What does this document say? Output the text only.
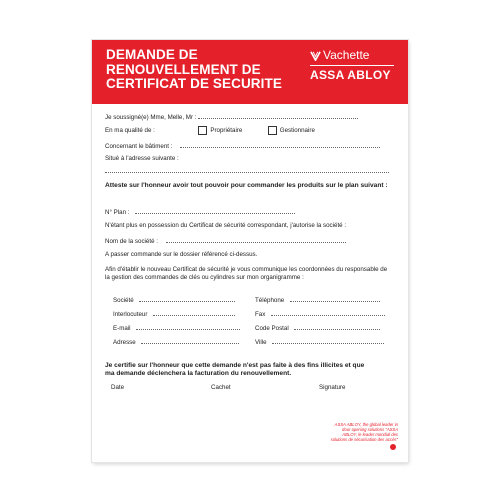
DEMANDE DE
RENOUVELLEMENT DE
CERTIFICAT DE SECURITE
Vachette
ASSA ABLOY
Je soussigné(e) Mme, Melle, Mr :
En ma qualité de :	Propriétaire	Gestionnaire
Concernant le bâtiment :
Situé à l'adresse suivante :
Atteste sur l'honneur avoir tout pouvoir pour commander les produits sur le plan suivant :
N° Plan :
N'étant plus en possession du Certificat de sécurité correspondant, j'autorise la société :
Nom de la société :
A passer commande sur le dossier référencé ci-dessus.
Afin d'établir le nouveau Certificat de sécurité je vous communique les coordonnées du responsable de la gestion des commandes de clés ou cylindres sur mon organigramme :
Société	Téléphone
Interlocuteur	Fax
E-mail	Code Postal
Adresse	Ville
Je certifie sur l'honneur que cette demande n'est pas faite à des fins illicites et que ma demande déclenchera la facturation du renouvellement.
Date	Cachet	Signature
ASSA ABLOY, the global leader in door opening solutions "ASSA ABLOY, le leader mondial des solutions de sécurisation des accès"
